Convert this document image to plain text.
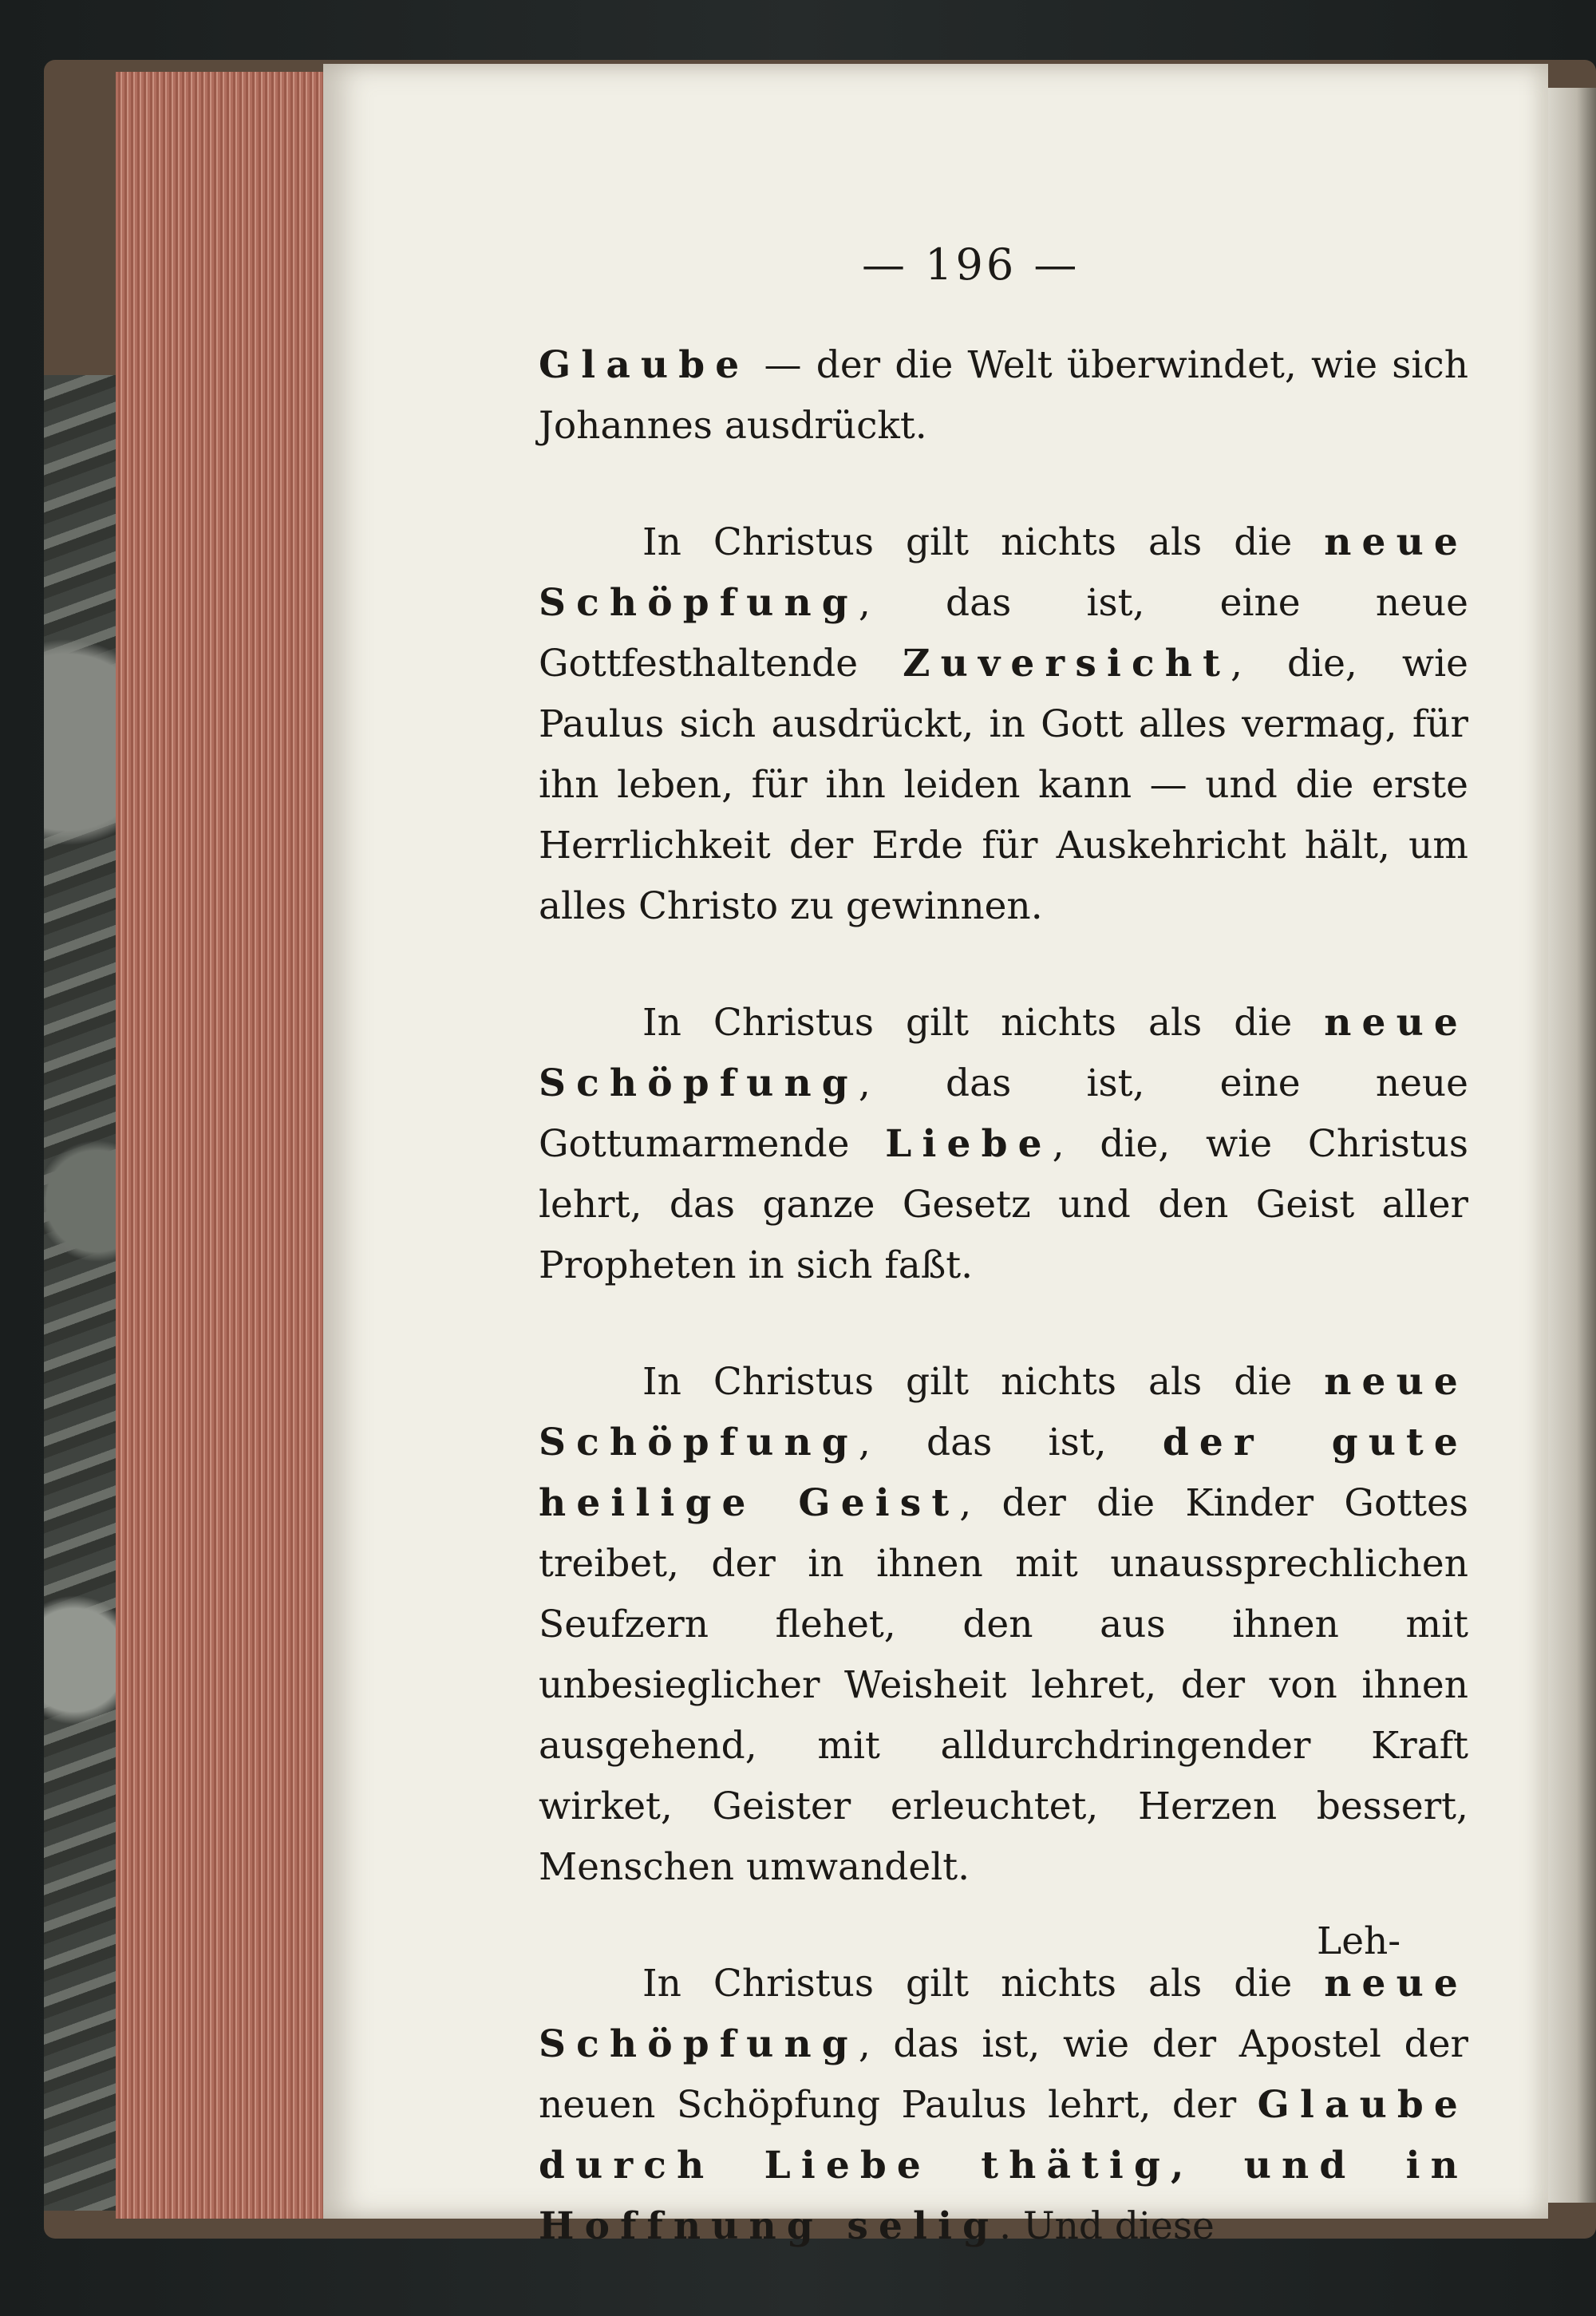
— 196 —

Glaube — der die Welt überwindet, wie sich Johannes ausdrückt.

In Christus gilt nichts als die neue Schöpfung, das ist, eine neue Gottfesthaltende Zuversicht, die, wie Paulus sich ausdrückt, in Gott alles vermag, für ihn leben, für ihn leiden kann — und die erste Herrlichkeit der Erde für Auskehricht hält, um alles Christo zu gewinnen.

In Christus gilt nichts als die neue Schöpfung, das ist, eine neue Gottumarmende Liebe, die, wie Christus lehrt, das ganze Gesetz und den Geist aller Propheten in sich faßt.

In Christus gilt nichts als die neue Schöpfung, das ist, der gute heilige Geist, der die Kinder Gottes treibet, der in ihnen mit unaussprechlichen Seufzern flehet, den aus ihnen mit unbesieglicher Weisheit lehret, der von ihnen ausgehend, mit alldurchdringender Kraft wirket, Geister erleuchtet, Herzen bessert, Menschen umwandelt.

In Christus gilt nichts als die neue Schöpfung, das ist, wie der Apostel der neuen Schöpfung Paulus lehrt, der Glaube durch Liebe thätig, und in Hoffnung selig. Und diese

Leh-
